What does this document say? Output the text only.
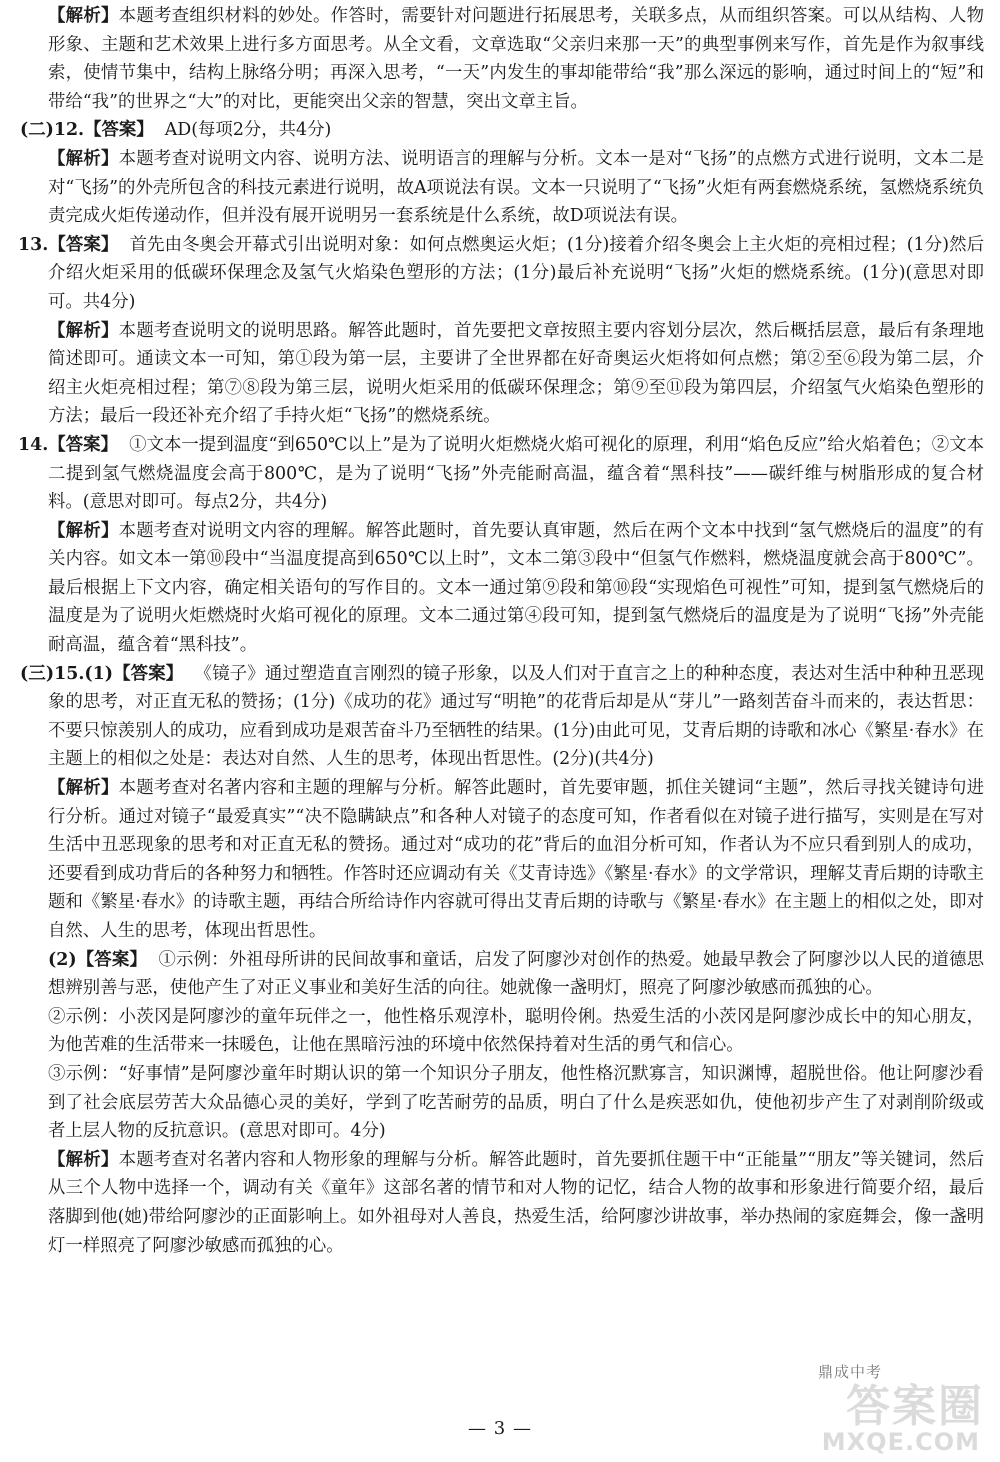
【解析】本题考查组织材料的妙处。作答时，需要针对问题进行拓展思考，关联多点，从而组织答案。可以从结构、人物形象、主题和艺术效果上进行多方面思考。从全文看，文章选取“父亲归来那一天”的典型事例来写作，首先是作为叙事线索，使情节集中，结构上脉络分明；再深入思考，“一天”内发生的事却能带给“我”那么深远的影响，通过时间上的“短”和带给“我”的世界之“大”的对比，更能突出父亲的智慧，突出文章主旨。

(二)12.【答案】 AD(每项2分，共4分)

【解析】本题考查对说明文内容、说明方法、说明语言的理解与分析。文本一是对“飞扬”的点燃方式进行说明，文本二是对“飞扬”的外壳所包含的科技元素进行说明，故A项说法有误。文本一只说明了“飞扬”火炬有两套燃烧系统，氢燃烧系统负责完成火炬传递动作，但并没有展开说明另一套系统是什么系统，故D项说法有误。

13.【答案】 首先由冬奥会开幕式引出说明对象：如何点燃奥运火炬；(1分)接着介绍冬奥会上主火炬的亮相过程；(1分)然后介绍火炬采用的低碳环保理念及氢气火焰染色塑形的方法；(1分)最后补充说明“飞扬”火炬的燃烧系统。(1分)(意思对即可。共4分)

【解析】本题考查说明文的说明思路。解答此题时，首先要把文章按照主要内容划分层次，然后概括层意，最后有条理地简述即可。通读文本一可知，第①段为第一层，主要讲了全世界都在好奇奥运火炬将如何点燃；第②至⑥段为第二层，介绍主火炬亮相过程；第⑦⑧段为第三层，说明火炬采用的低碳环保理念；第⑨至⑪段为第四层，介绍氢气火焰染色塑形的方法；最后一段还补充介绍了手持火炬“飞扬”的燃烧系统。

14.【答案】 ①文本一提到温度“到650℃以上”是为了说明火炬燃烧火焰可视化的原理，利用“焰色反应”给火焰着色；②文本二提到氢气燃烧温度会高于800℃，是为了说明“飞扬”外壳能耐高温，蕴含着“黑科技”——碳纤维与树脂形成的复合材料。(意思对即可。每点2分，共4分)

【解析】本题考查对说明文内容的理解。解答此题时，首先要认真审题，然后在两个文本中找到“氢气燃烧后的温度”的有关内容。如文本一第⑩段中“当温度提高到650℃以上时”，文本二第③段中“但氢气作燃料，燃烧温度就会高于800℃”。最后根据上下文内容，确定相关语句的写作目的。文本一通过第⑨段和第⑩段“实现焰色可视性”可知，提到氢气燃烧后的温度是为了说明火炬燃烧时火焰可视化的原理。文本二通过第④段可知，提到氢气燃烧后的温度是为了说明“飞扬”外壳能耐高温，蕴含着“黑科技”。

(三)15.(1)【答案】 《镜子》通过塑造直言刚烈的镜子形象，以及人们对于直言之上的种种态度，表达对生活中种种丑恶现象的思考，对正直无私的赞扬；(1分)《成功的花》通过写“明艳”的花背后却是从“芽儿”一路刻苦奋斗而来的，表达哲思：不要只惊羡别人的成功，应看到成功是艰苦奋斗乃至牺牲的结果。(1分)由此可见，艾青后期的诗歌和冰心《繁星·春水》在主题上的相似之处是：表达对自然、人生的思考，体现出哲思性。(2分)(共4分)

【解析】本题考查对名著内容和主题的理解与分析。解答此题时，首先要审题，抓住关键词“主题”，然后寻找关键诗句进行分析。通过对镜子“最爱真实”“决不隐瞒缺点”和各种人对镜子的态度可知，作者看似在对镜子进行描写，实则是在写对生活中丑恶现象的思考和对正直无私的赞扬。通过对“成功的花”背后的血泪分析可知，作者认为不应只看到别人的成功，还要看到成功背后的各种努力和牺牲。作答时还应调动有关《艾青诗选》《繁星·春水》的文学常识，理解艾青后期的诗歌主题和《繁星·春水》的诗歌主题，再结合所给诗作内容就可得出艾青后期的诗歌与《繁星·春水》在主题上的相似之处，即对自然、人生的思考，体现出哲思性。

(2)【答案】 ①示例：外祖母所讲的民间故事和童话，启发了阿廖沙对创作的热爱。她最早教会了阿廖沙以人民的道德思想辨别善与恶，使他产生了对正义事业和美好生活的向往。她就像一盏明灯，照亮了阿廖沙敏感而孤独的心。

②示例：小茨冈是阿廖沙的童年玩伴之一，他性格乐观淳朴，聪明伶俐。热爱生活的小茨冈是阿廖沙成长中的知心朋友，为他苦难的生活带来一抹暖色，让他在黑暗污浊的环境中依然保持着对生活的勇气和信心。

③示例：“好事情”是阿廖沙童年时期认识的第一个知识分子朋友，他性格沉默寡言，知识渊博，超脱世俗。他让阿廖沙看到了社会底层劳苦大众品德心灵的美好，学到了吃苦耐劳的品质，明白了什么是疾恶如仇，使他初步产生了对剥削阶级或者上层人物的反抗意识。(意思对即可。4分)

【解析】本题考查对名著内容和人物形象的理解与分析。解答此题时，首先要抓住题干中“正能量”“朋友”等关键词，然后从三个人物中选择一个，调动有关《童年》这部名著的情节和对人物的记忆，结合人物的故事和形象进行简要介绍，最后落脚到他(她)带给阿廖沙的正面影响上。如外祖母对人善良，热爱生活，给阿廖沙讲故事，举办热闹的家庭舞会，像一盏明灯一样照亮了阿廖沙敏感而孤独的心。

鼎成中考
— 3 —	答案圈
MXQE.COM
